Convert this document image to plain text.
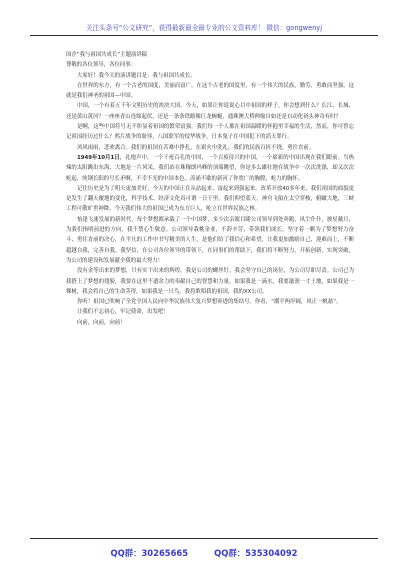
关注头条号“公文研究”，获得最新最全最专业的公文资料库！ 微信：gongwenyj

国企“我与祖国共成长”主题演讲稿

尊敬的各位领导，各位同事：

大家好！我今天的演讲题目是：我与祖国共成长。

在世界的东方，有一个古老的国度，美丽而富广，在这个古老的国度里，有一个伟大的民族，勤劳、勇敢而坚强，这就是我们神圣的祖国—中国。

中国，一个有着五千年文明历史的泱泱大国。今天，如果让你说说心目中祖国的样子，你会想到什么？长江、长城、还是黄山黄河？一座座青山连绵起伏，还是一条条铁路像巨龙蜿蜒，通珠澳大桥伸缩自如还是自动化码头神奇有时？

是啊，这些中国符号无不彰显着祖国的繁荣富强。我们每一个人都在祖国温暖的怀抱里幸福的生活，然而，你可曾忘记祖国经历过什么？鸦片战争的耻辱，八国联军的侵华战争，日本鬼子在中国犯下的滔天罪行。

风风雨雨，悲欢离合。我们的祖国在苦难中挣扎，在艰火中洗礼，我们的民族百折不挠，勇往直前。

1949年10月1日，礼炮声中，一个千疮百孔的中国，一个百废待兴的中国，一个崭新的中国出现在我们眼前。当热辣的太阳跳出东海，大地是一片风采，我们站在珠穆朗玛峰的顶端眺望，你是多么雄壮地在战争中一次次洗涤，却又次次屹起，纯钢长阳的号长矛啊，不幸不光的中国本色。涛涌不歇的新河了你宽广的胸膛，屹力的胸怀。

记住历史是为了明天更加美好，今天的中国正在从站起来、富起来到强起来。改革开放40多年来，我们祖国的面貌更是发生了翻天覆地的变化，科学技术、经济文化真可谓一日千里。我们仰望蓝天，神舟飞船在太空穿梭，俯瞰大地，三峡工程可敬旷世神降。今天我们伟大的祖国已成为东方巨人，屹立在世界民族之林。

怡逢飞速发展的新时代，每个梦想都承载了一个中国梦，多少次亲眼目睹公司领导到处奔跑，风尘仆仆，披星戴月，为我们指明前进的方向，我不禁心生敬意。公司领导栽桃金业，不辞辛劳，带领我们成长，坚守着一颗为了梦想努力奋斗，勇往直前的决心，在平凡的工作中书写精美的人生，是他们给了我信心和希望，让我更加激励自己，迎难而上，不断超越自我，完善自我。我坚信，在公司各位领导的带领下，在同事们的帮助下，我们将不断努力，开拓创新，实现突破，为公司的建设和发展献全我的最大努力！

没有金等出来的梦想，只有实干出来的辉煌。我是公司的螺丝钉，我会坚守自己的岗位，为公司尽职尽责。公司已为我搭上了梦想的翅膀，我要在这里不遗余力的奉献自己的智慧和力量。如果我是一滴水，我要滋润一寸土地，如果我是一棵树，我会将自己的生命茎得，如果我是一只鸟，我将歌唱我的祖国，我的XX公司。

你听！祖国已吹响了全党全国人民向中华民族伟大复兴梦想奔进的集结号。你看，“潮平两岸阔，风正一帆悬”。

让我们不忘初心，牢记使命，出发吧！

向前，向前，向前！

QQ群：30265665	QQ群：535304092
